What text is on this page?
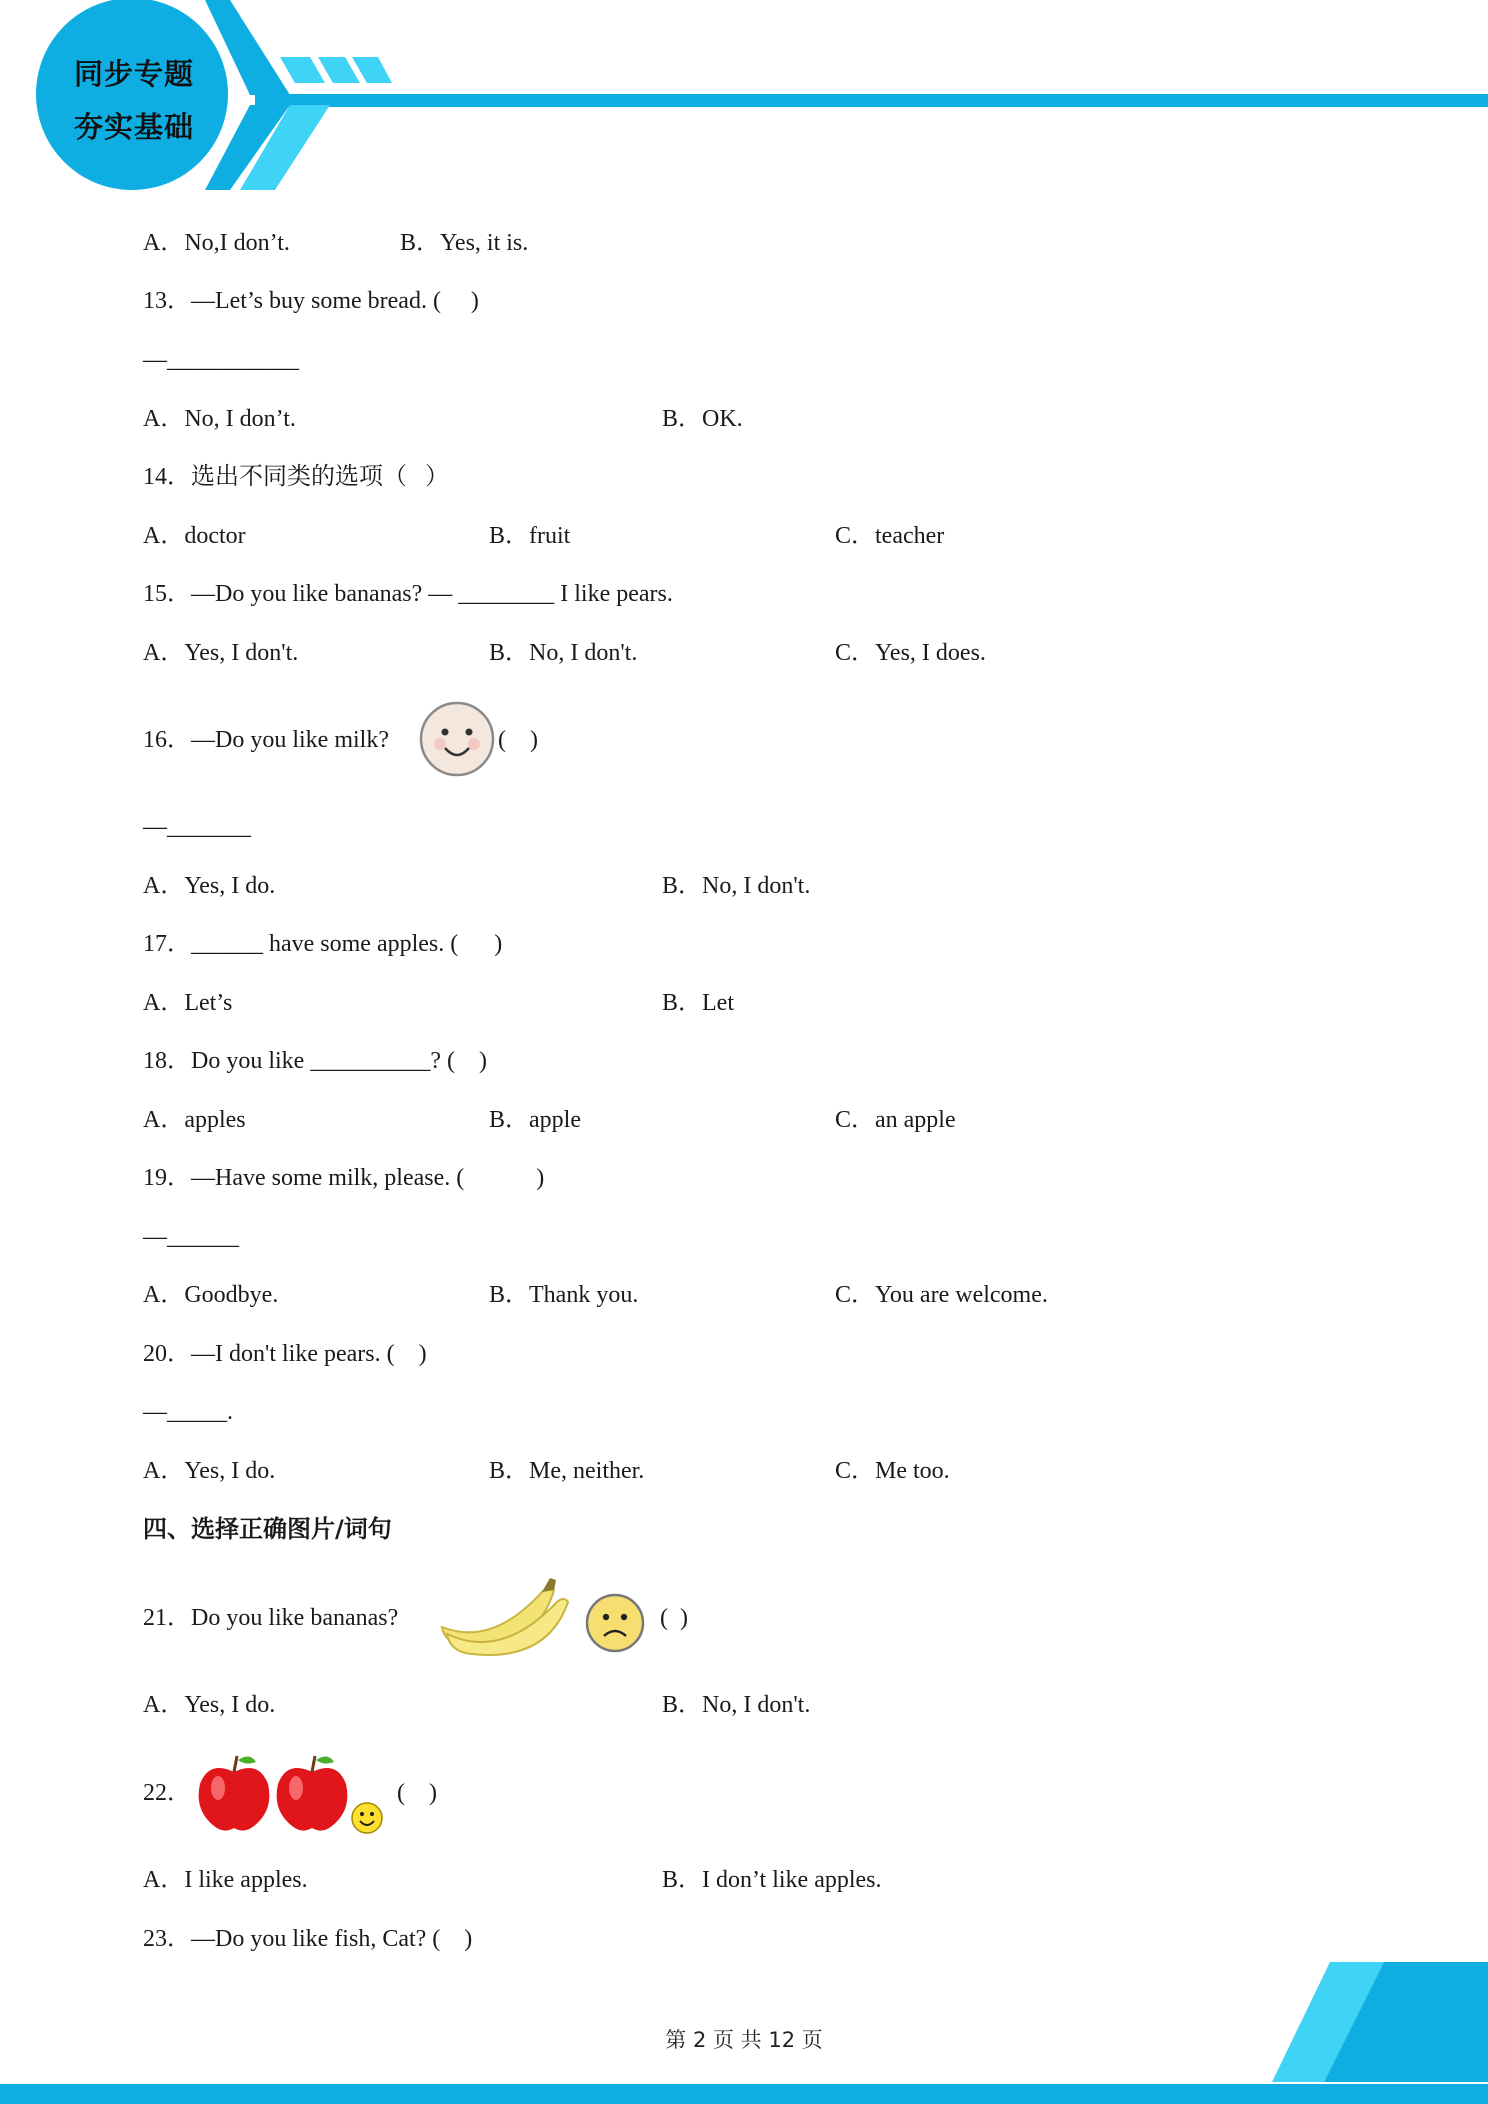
同步专题
夯实基础
A．No,I don’t.	B．Yes, it is.
13．—Let’s buy some bread. (     )
—___________
A．No, I don’t.	B．OK.
14．选出不同类的选项（   ）
A．doctor	B．fruit	C．teacher
15．—Do you like bananas? — ________ I like pears.
A．Yes, I don't.	B．No, I don't.	C．Yes, I does.
16．—Do you like milk?	(    )
—_______
A．Yes, I do.	B．No, I don't.
17．______ have some apples. (      )
A．Let’s	B．Let
18．Do you like __________? (    )
A．apples	B．apple	C．an apple
19．—Have some milk, please. (            )
—______
A．Goodbye.	B．Thank you.	C．You are welcome.
20．—I don't like pears. (    )
—_____.
A．Yes, I do.	B．Me, neither.	C．Me too.
四、选择正确图片/词句
21．Do you like bananas?	(  )
A．Yes, I do.	B．No, I don't.
22．	(    )
A．I like apples.	B．I don’t like apples.
23．—Do you like fish, Cat? (    )
第 2 页 共 12 页
